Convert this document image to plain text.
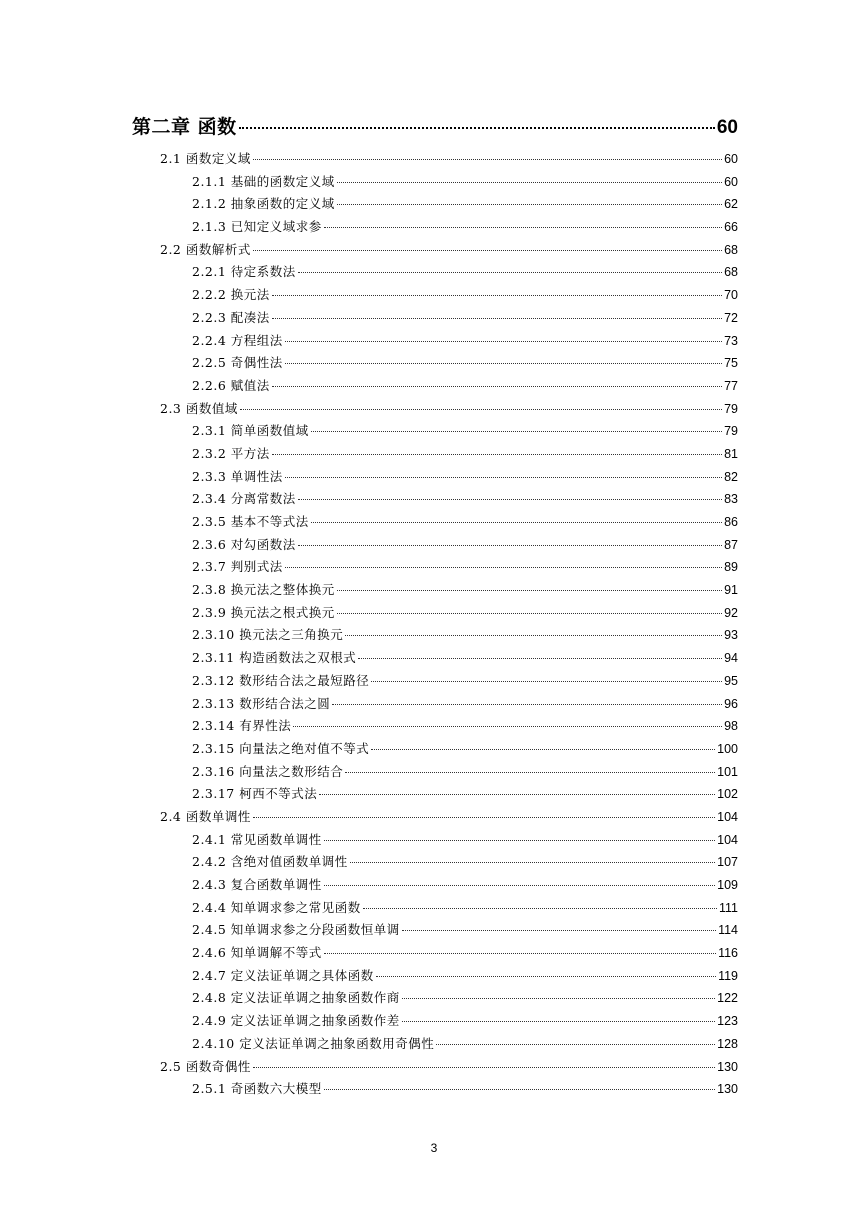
第二章 函数	60
2.1 函数定义域	60
2.1.1 基础的函数定义域	60
2.1.2 抽象函数的定义域	62
2.1.3 已知定义域求参	66
2.2 函数解析式	68
2.2.1 待定系数法	68
2.2.2 换元法	70
2.2.3 配凑法	72
2.2.4 方程组法	73
2.2.5 奇偶性法	75
2.2.6 赋值法	77
2.3 函数值域	79
2.3.1 简单函数值域	79
2.3.2 平方法	81
2.3.3 单调性法	82
2.3.4 分离常数法	83
2.3.5 基本不等式法	86
2.3.6 对勾函数法	87
2.3.7 判别式法	89
2.3.8 换元法之整体换元	91
2.3.9 换元法之根式换元	92
2.3.10 换元法之三角换元	93
2.3.11 构造函数法之双根式	94
2.3.12 数形结合法之最短路径	95
2.3.13 数形结合法之圆	96
2.3.14 有界性法	98
2.3.15 向量法之绝对值不等式	100
2.3.16 向量法之数形结合	101
2.3.17 柯西不等式法	102
2.4 函数单调性	104
2.4.1 常见函数单调性	104
2.4.2 含绝对值函数单调性	107
2.4.3 复合函数单调性	109
2.4.4 知单调求参之常见函数	111
2.4.5 知单调求参之分段函数恒单调	114
2.4.6 知单调解不等式	116
2.4.7 定义法证单调之具体函数	119
2.4.8 定义法证单调之抽象函数作商	122
2.4.9 定义法证单调之抽象函数作差	123
2.4.10 定义法证单调之抽象函数用奇偶性	128
2.5 函数奇偶性	130
2.5.1 奇函数六大模型	130
3
